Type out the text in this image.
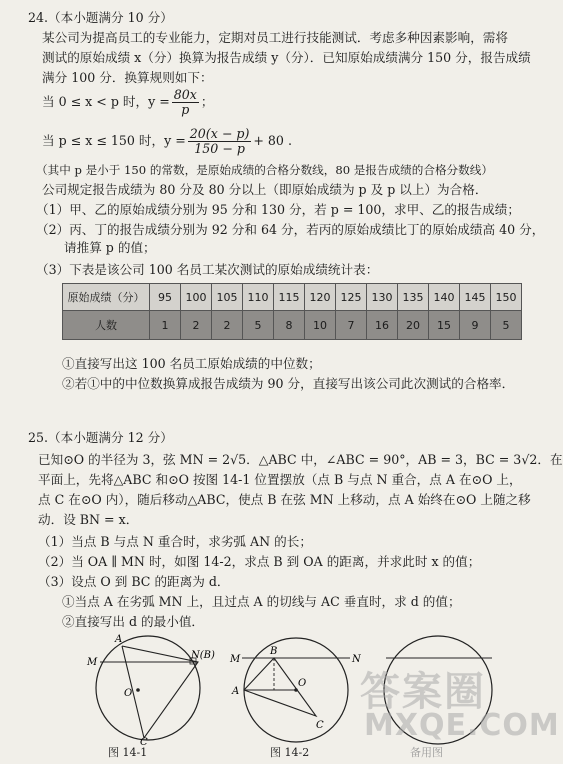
24.（本小题满分 10 分）
某公司为提高员工的专业能力，定期对员工进行技能测试．考虑多种因素影响，需将
测试的原始成绩 x（分）换算为报告成绩 y（分）．已知原始成绩满分 150 分，报告成绩
满分 100 分．换算规则如下：
当 0 ≤ x < p 时，$y = \frac{80x}{p}$ ；
当 p ≤ x ≤ 150 时，$y = \frac{20(x - p)}{150 - p} + 80$ .
（其中 p 是小于 150 的常数，是原始成绩的合格分数线，80 是报告成绩的合格分数线）
公司规定报告成绩为 80 分及 80 分以上（即原始成绩为 p 及 p 以上）为合格．
（1）甲、乙的原始成绩分别为 95 分和 130 分，若 p = 100，求甲、乙的报告成绩；
（2）丙、丁的报告成绩分别为 92 分和 64 分，若丙的原始成绩比丁的原始成绩高 40 分，
请推算 p 的值；
（3）下表是该公司 100 名员工某次测试的原始成绩统计表：
原始成绩（分）	95	100	105	110	115	120	125	130	135	140	145	150
人数	1	2	2	5	8	10	7	16	20	15	9	5
①直接写出这 100 名员工原始成绩的中位数；
②若①中的中位数换算成报告成绩为 90 分，直接写出该公司此次测试的合格率．
25.（本小题满分 12 分）
已知⊙O 的半径为 3，弦 MN = 2√5．△ABC 中，∠ABC = 90°，AB = 3，BC = 3√2．在
平面上，先将△ABC 和⊙O 按图 14-1 位置摆放（点 B 与点 N 重合，点 A 在⊙O 上，
点 C 在⊙O 内），随后移动△ABC，使点 B 在弦 MN 上移动，点 A 始终在⊙O 上随之移
动．设 BN = x．
（1）当点 B 与点 N 重合时，求劣弧 AN 的长；
（2）当 OA ∥ MN 时，如图 14-2，求点 B 到 OA 的距离，并求此时 x 的值；
（3）设点 O 到 BC 的距离为 d．
①当点 A 在劣弧 MN 上，且过点 A 的切线与 AC 垂直时，求 d 的值；
②直接写出 d 的最小值．
M
A
N(B)
O
C
图 14-1
M
B
N
A
O
C
图 14-2	备用图
答案圈
MXQE.COM
